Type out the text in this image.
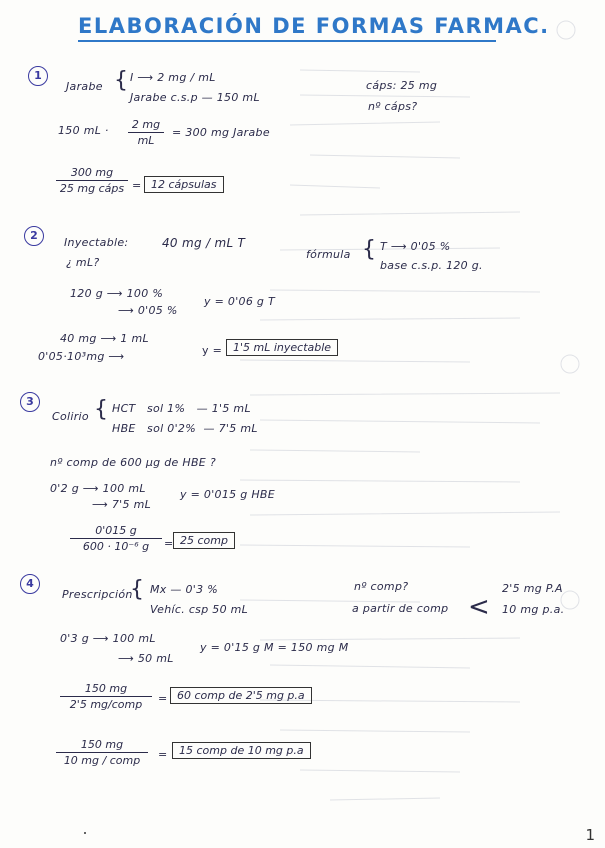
ELABORACIÓN DE FORMAS FARMAC.
1
Jarabe { I ⟶ 2 mg / mL
Jarabe c.s.p — 150 mL
cáps: 25 mg
nº cáps?
150 mL ·	2 mg
mL
= 300 mg Jarabe
300 mg
25 mg cáps = 12 cápsulas
2
Inyectable:	40 mg / mL T
¿ mL?
fórmula { T ⟶ 0'05 %
base c.s.p. 120 g.
120 g ⟶ 100 %
⟶ 0'05 %
y = 0'06 g T
40 mg ⟶ 1 mL
0'05·10³mg ⟶	y = 1'5 mL inyectable
3
Colirio { HCT   sol 1%   — 1'5 mL
HBE   sol 0'2%  — 7'5 mL
nº comp de 600 µg de HBE ?
0'2 g ⟶ 100 mL
⟶ 7'5 mL
y = 0'015 g HBE
0'015 g
600 · 10⁻⁶ g	= 25 comp
4
Prescripción
{ Mx — 0'3 %
Vehíc. csp 50 mL
nº comp?
a partir de comp <
2'5 mg P.A
10 mg p.a.
0'3 g ⟶ 100 mL
⟶ 50 mL
y = 0'15 g M = 150 mg M
150 mg
2'5 mg/comp	= 60 comp de 2'5 mg p.a
150 mg
10 mg / comp	=	15 comp de 10 mg p.a
1
